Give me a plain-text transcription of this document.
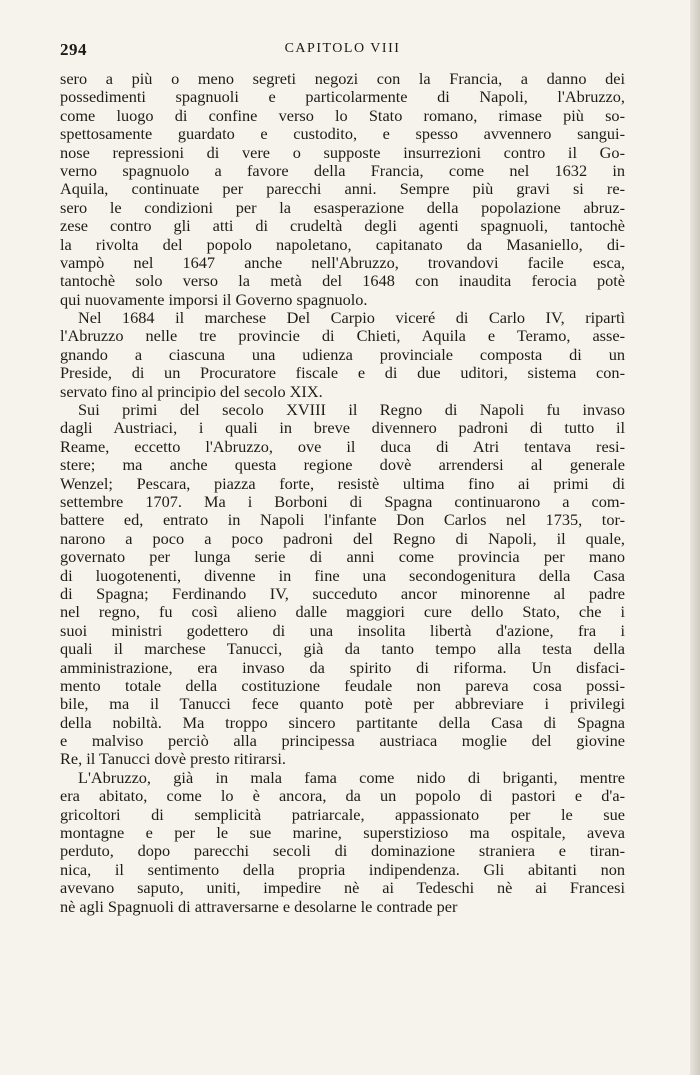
294	CAPITOLO VIII
sero a più o meno segreti negozi con la Francia, a danno dei
possedimenti spagnuoli e particolarmente di Napoli, l'Abruzzo,
come luogo di confine verso lo Stato romano, rimase più so-
spettosamente guardato e custodito, e spesso avvennero sangui-
nose repressioni di vere o supposte insurrezioni contro il Go-
verno spagnuolo a favore della Francia, come nel 1632 in
Aquila, continuate per parecchi anni. Sempre più gravi si re-
sero le condizioni per la esasperazione della popolazione abruz-
zese contro gli atti di crudeltà degli agenti spagnuoli, tantochè
la rivolta del popolo napoletano, capitanato da Masaniello, di-
vampò nel 1647 anche nell'Abruzzo, trovandovi facile esca,
tantochè solo verso la metà del 1648 con inaudita ferocia potè
qui nuovamente imporsi il Governo spagnuolo.
Nel 1684 il marchese Del Carpio viceré di Carlo IV, ripartì
l'Abruzzo nelle tre provincie di Chieti, Aquila e Teramo, asse-
gnando a ciascuna una udienza provinciale composta di un
Preside, di un Procuratore fiscale e di due uditori, sistema con-
servato fino al principio del secolo XIX.
Sui primi del secolo XVIII il Regno di Napoli fu invaso
dagli Austriaci, i quali in breve divennero padroni di tutto il
Reame, eccetto l'Abruzzo, ove il duca di Atri tentava resi-
stere; ma anche questa regione dovè arrendersi al generale
Wenzel; Pescara, piazza forte, resistè ultima fino ai primi di
settembre 1707. Ma i Borboni di Spagna continuarono a com-
battere ed, entrato in Napoli l'infante Don Carlos nel 1735, tor-
narono a poco a poco padroni del Regno di Napoli, il quale,
governato per lunga serie di anni come provincia per mano
di luogotenenti, divenne in fine una secondogenitura della Casa
di Spagna; Ferdinando IV, succeduto ancor minorenne al padre
nel regno, fu così alieno dalle maggiori cure dello Stato, che i
suoi ministri godettero di una insolita libertà d'azione, fra i
quali il marchese Tanucci, già da tanto tempo alla testa della
amministrazione, era invaso da spirito di riforma. Un disfaci-
mento totale della costituzione feudale non pareva cosa possi-
bile, ma il Tanucci fece quanto potè per abbreviare i privilegi
della nobiltà. Ma troppo sincero partitante della Casa di Spagna
e malviso perciò alla principessa austriaca moglie del giovine
Re, il Tanucci dovè presto ritirarsi.
L'Abruzzo, già in mala fama come nido di briganti, mentre
era abitato, come lo è ancora, da un popolo di pastori e d'a-
gricoltori di semplicità patriarcale, appassionato per le sue
montagne e per le sue marine, superstizioso ma ospitale, aveva
perduto, dopo parecchi secoli di dominazione straniera e tiran-
nica, il sentimento della propria indipendenza. Gli abitanti non
avevano saputo, uniti, impedire nè ai Tedeschi nè ai Francesi
nè agli Spagnuoli di attraversarne e desolarne le contrade per
